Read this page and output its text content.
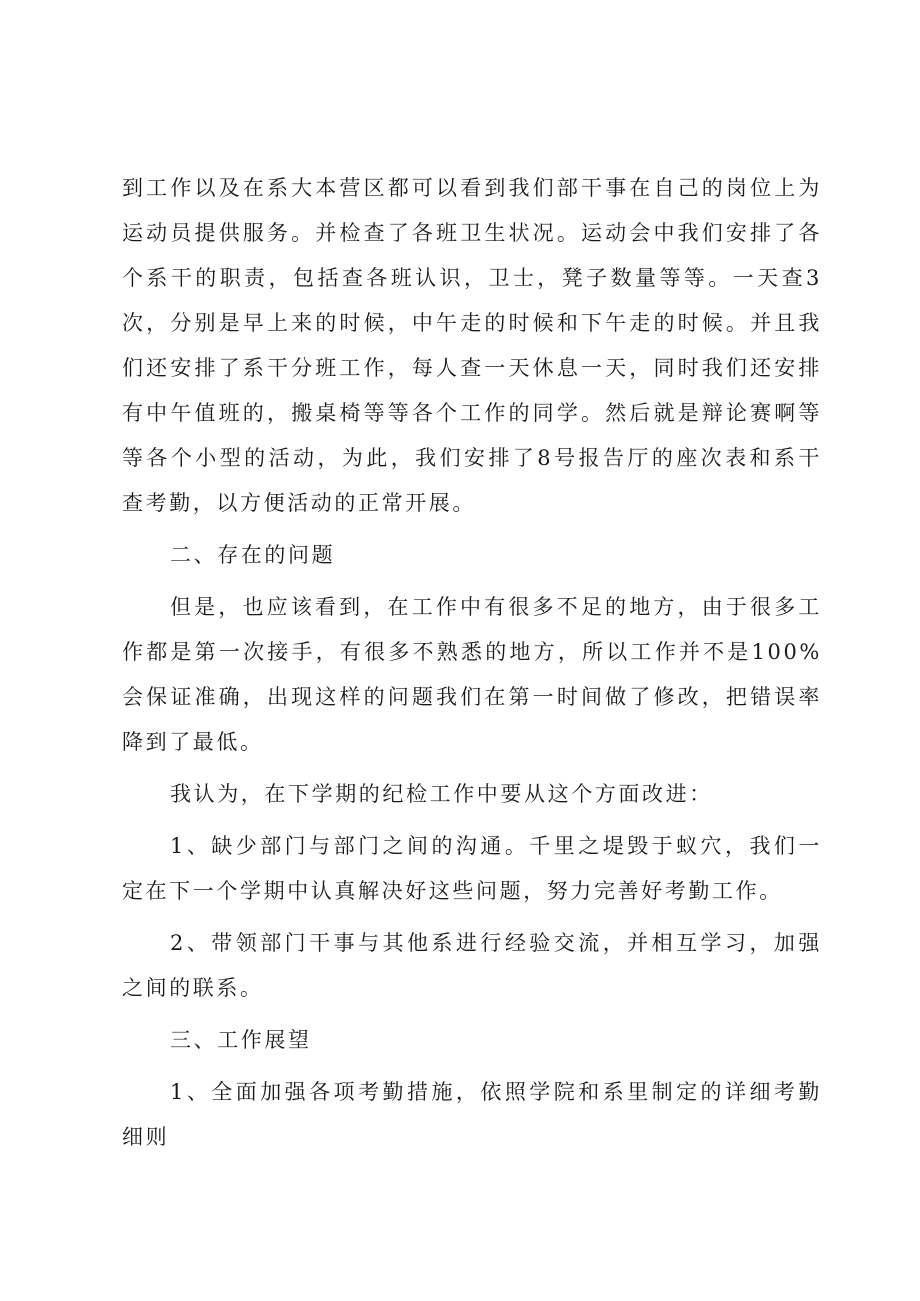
到工作以及在系大本营区都可以看到我们部干事在自己的岗位上为运动员提供服务。并检查了各班卫生状况。运动会中我们安排了各个系干的职责，包括查各班认识，卫士，凳子数量等等。一天查3次，分别是早上来的时候，中午走的时候和下午走的时候。并且我们还安排了系干分班工作，每人查一天休息一天，同时我们还安排有中午值班的，搬桌椅等等各个工作的同学。然后就是辩论赛啊等等各个小型的活动，为此，我们安排了8号报告厅的座次表和系干查考勤，以方便活动的正常开展。

二、存在的问题

但是，也应该看到，在工作中有很多不足的地方，由于很多工作都是第一次接手，有很多不熟悉的地方，所以工作并不是100%会保证准确，出现这样的问题我们在第一时间做了修改，把错误率降到了最低。

我认为，在下学期的纪检工作中要从这个方面改进：

1、缺少部门与部门之间的沟通。千里之堤毁于蚁穴，我们一定在下一个学期中认真解决好这些问题，努力完善好考勤工作。

2、带领部门干事与其他系进行经验交流，并相互学习，加强之间的联系。

三、工作展望

1、全面加强各项考勤措施，依照学院和系里制定的详细考勤细则
